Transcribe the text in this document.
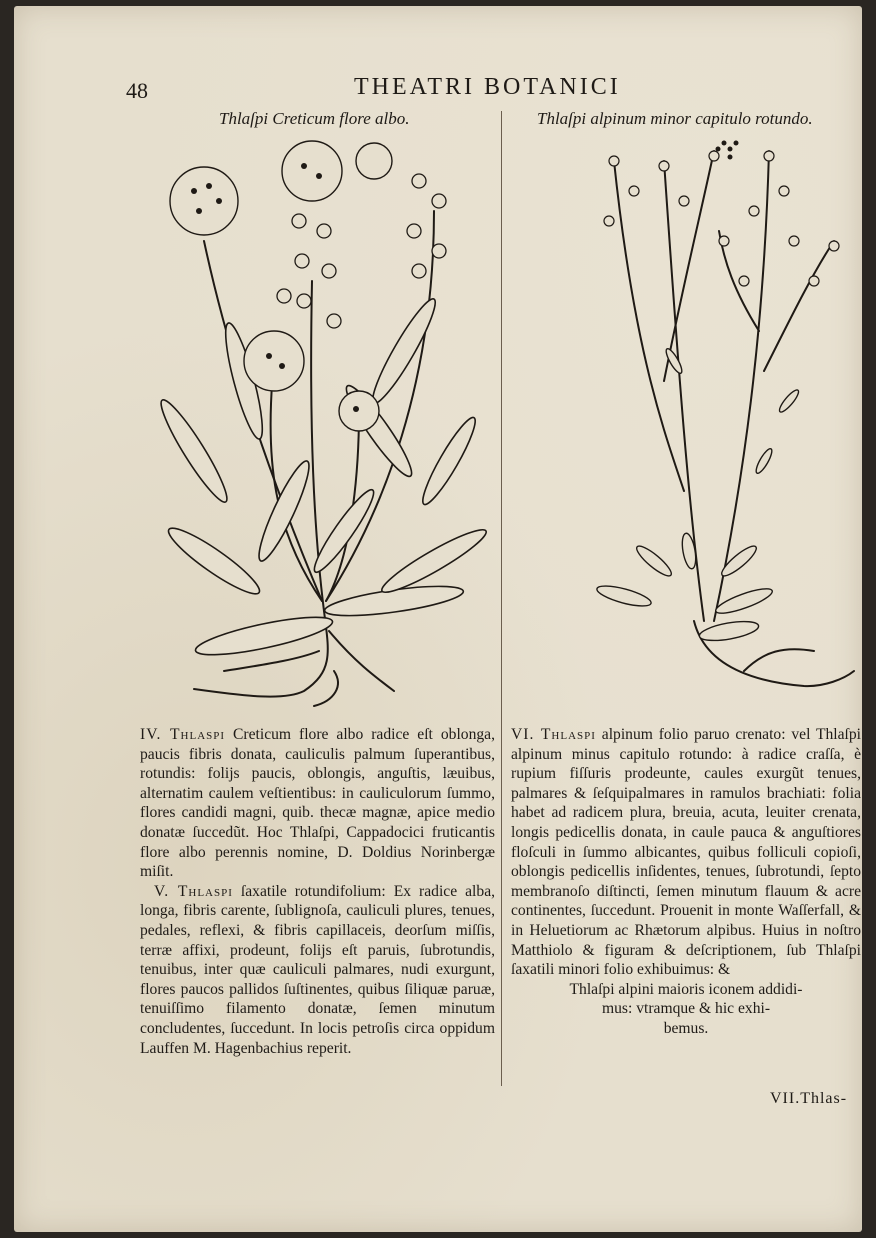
48	THEATRI BOTANICI
Thlaſpi Creticum flore albo.	Thlaſpi alpinum minor capitulo rotundo.

IV. Thlaspi Creticum flore albo radice eſt oblonga, paucis fibris donata, cauliculis palmum ſuperantibus, rotundis: folijs paucis, oblongis, anguſtis, læuibus, alternatim caulem veſtientibus: in cauliculorum ſummo, flores candidi magni, quib. thecæ magnæ, apice medio donatæ ſuccedũt. Hoc Thlaſpi, Cappadocici fruticantis flore albo perennis nomine, D. Doldius Norinbergæ miſit.

V. Thlaspi ſaxatile rotundifolium: Ex radice alba, longa, fibris carente, ſublignoſa, cauliculi plures, tenues, pedales, reflexi, & fibris capillaceis, deorſum miſſis, terræ affixi, prodeunt, folijs eſt paruis, ſubrotundis, tenuibus, inter quæ cauliculi palmares, nudi exurgunt, flores paucos pallidos ſuſtinentes, quibus ſiliquæ paruæ, tenuiſſimo filamento donatæ, ſemen minutum concludentes, ſuccedunt. In locis petroſis circa oppidum Lauffen M. Hagenbachius reperit.

VI. Thlaspi alpinum folio paruo crenato: vel Thlaſpi alpinum minus capitulo rotundo: à radice craſſa, è rupium fiſſuris prodeunte, caules exurgũt tenues, palmares & ſeſquipalmares in ramulos brachiati: folia habet ad radicem plura, breuia, acuta, leuiter crenata, longis pedicellis donata, in caule pauca & anguſtiores floſculi in ſummo albicantes, quibus folliculi copioſi, oblongis pedicellis inſidentes, tenues, ſubrotundi, ſepto membranoſo diſtincti, ſemen minutum flauum & acre continentes, ſuccedunt. Prouenit in monte Waſſerfall, & in Heluetiorum ac Rhætorum alpibus. Huius in noſtro Matthiolo & figuram & deſcriptionem, ſub Thlaſpi ſaxatili minori folio exhibuimus: &

Thlaſpi alpini maioris iconem addidi-

mus: vtramque & hic exhi-

bemus.

VII.Thlas-
